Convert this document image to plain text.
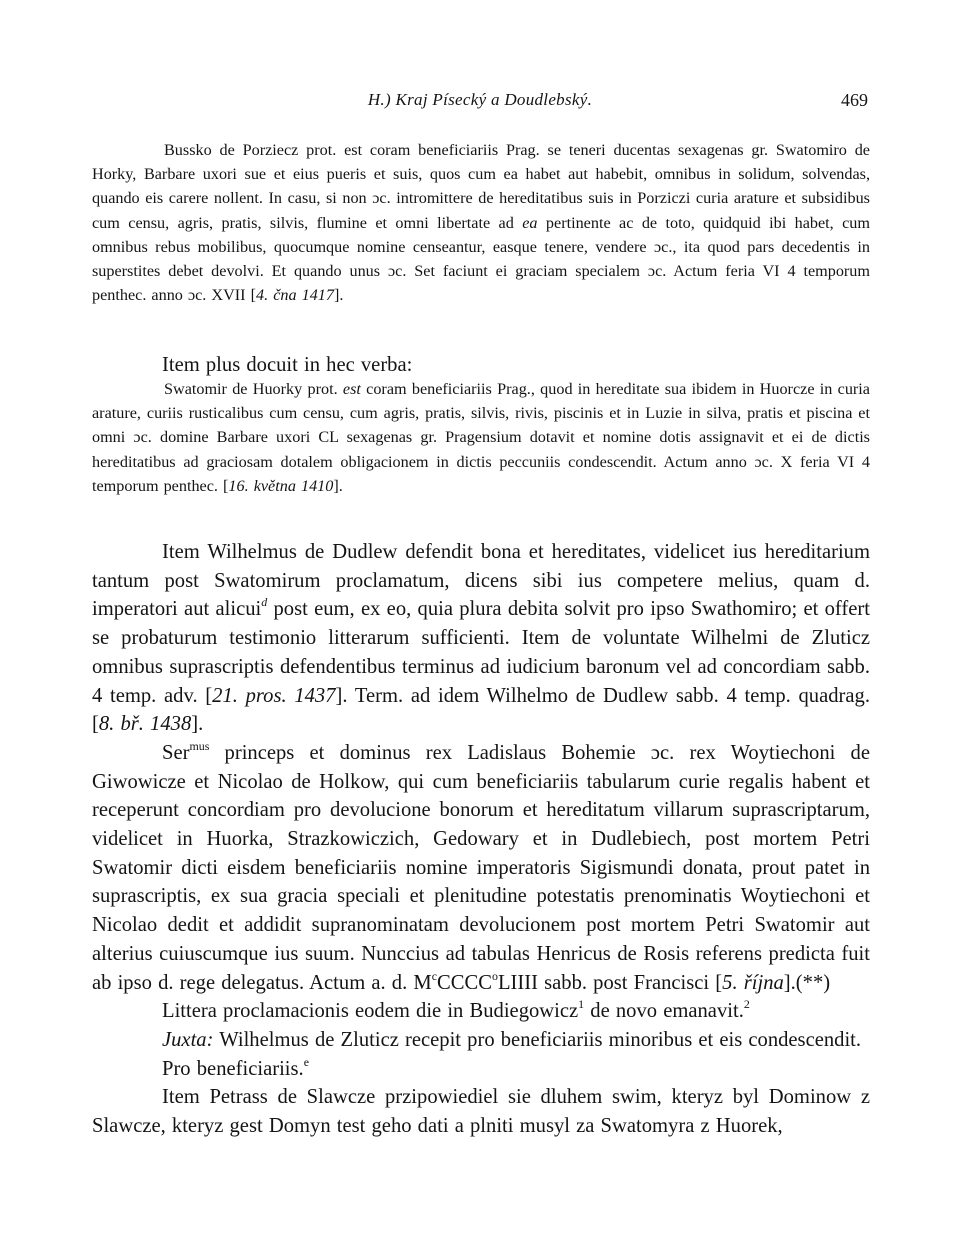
H.) Kraj Písecký a Doudlebský.	469

Bussko de Porziecz prot. est coram beneficiariis Prag. se teneri ducentas sexagenas gr. Swatomiro de Horky, Barbare uxori sue et eius pueris et suis, quos cum ea habet aut habebit, omnibus in solidum, solvendas, quando eis carere nollent. In casu, si non ɔc. intromittere de hereditatibus suis in Porziczi curia arature et subsidibus cum censu, agris, pratis, silvis, flumine et omni libertate ad ea pertinente ac de toto, quidquid ibi habet, cum omnibus rebus mobilibus, quocumque nomine censeantur, easque tenere, vendere ɔc., ita quod pars decedentis in superstites debet devolvi. Et quando unus ɔc. Set faciunt ei graciam specialem ɔc. Actum feria VI 4 temporum penthec. anno ɔc. XVII [4. čna 1417].

Item plus docuit in hec verba:

Swatomir de Huorky prot. est coram beneficiariis Prag., quod in hereditate sua ibidem in Huorcze in curia arature, curiis rusticalibus cum censu, cum agris, pratis, silvis, rivis, piscinis et in Luzie in silva, pratis et piscina et omni ɔc. domine Barbare uxori CL sexagenas gr. Pragensium dotavit et nomine dotis assignavit et ei de dictis hereditatibus ad graciosam dotalem obligacionem in dictis peccuniis condescendit. Actum anno ɔc. X feria VI 4 temporum penthec. [16. května 1410].

Item Wilhelmus de Dudlew defendit bona et hereditates, videlicet ius hereditarium tantum post Swatomirum proclamatum, dicens sibi ius competere melius, quam d. imperatori aut alicui$^d$ post eum, ex eo, quia plura debita solvit pro ipso Swathomiro; et offert se probaturum testimonio litterarum sufficienti. Item de voluntate Wilhelmi de Zluticz omnibus suprascriptis defendentibus terminus ad iudicium baronum vel ad concordiam sabb. 4 temp. adv. [21. pros. 1437]. Term. ad idem Wilhelmo de Dudlew sabb. 4 temp. quadrag. [8. bř. 1438].

Ser$^{mus}$ princeps et dominus rex Ladislaus Bohemie ɔc. rex Woytiechoni de Giwowicze et Nicolao de Holkow, qui cum beneficiariis tabularum curie regalis habent et receperunt concordiam pro devolucione bonorum et hereditatum villarum suprascriptarum, videlicet in Huorka, Strazkowiczich, Gedowary et in Dudlebiech, post mortem Petri Swatomir dicti eisdem beneficiariis nomine imperatoris Sigismundi donata, prout patet in suprascriptis, ex sua gracia speciali et plenitudine potestatis prenominatis Woytiechoni et Nicolao dedit et addidit supranominatam devolucionem post mortem Petri Swatomir aut alterius cuiuscumque ius suum. Nunccius ad tabulas Henricus de Rosis referens predicta fuit ab ipso d. rege delegatus. Actum a. d. $M^cCCCC^oLIIII$ sabb. post Francisci [5. října].(**)

Littera proclamacionis eodem die in Budiegowicz$^1$ de novo emanavit.$^2$

Juxta: Wilhelmus de Zluticz recepit pro beneficiariis minoribus et eis condescendit.

Pro beneficiariis.$^e$

Item Petrass de Slawcze przipowiediel sie dluhem swim, kteryz byl Dominow z Slawcze, kteryz gest Domyn test geho dati a plniti musyl za Swatomyra z Huorek,
